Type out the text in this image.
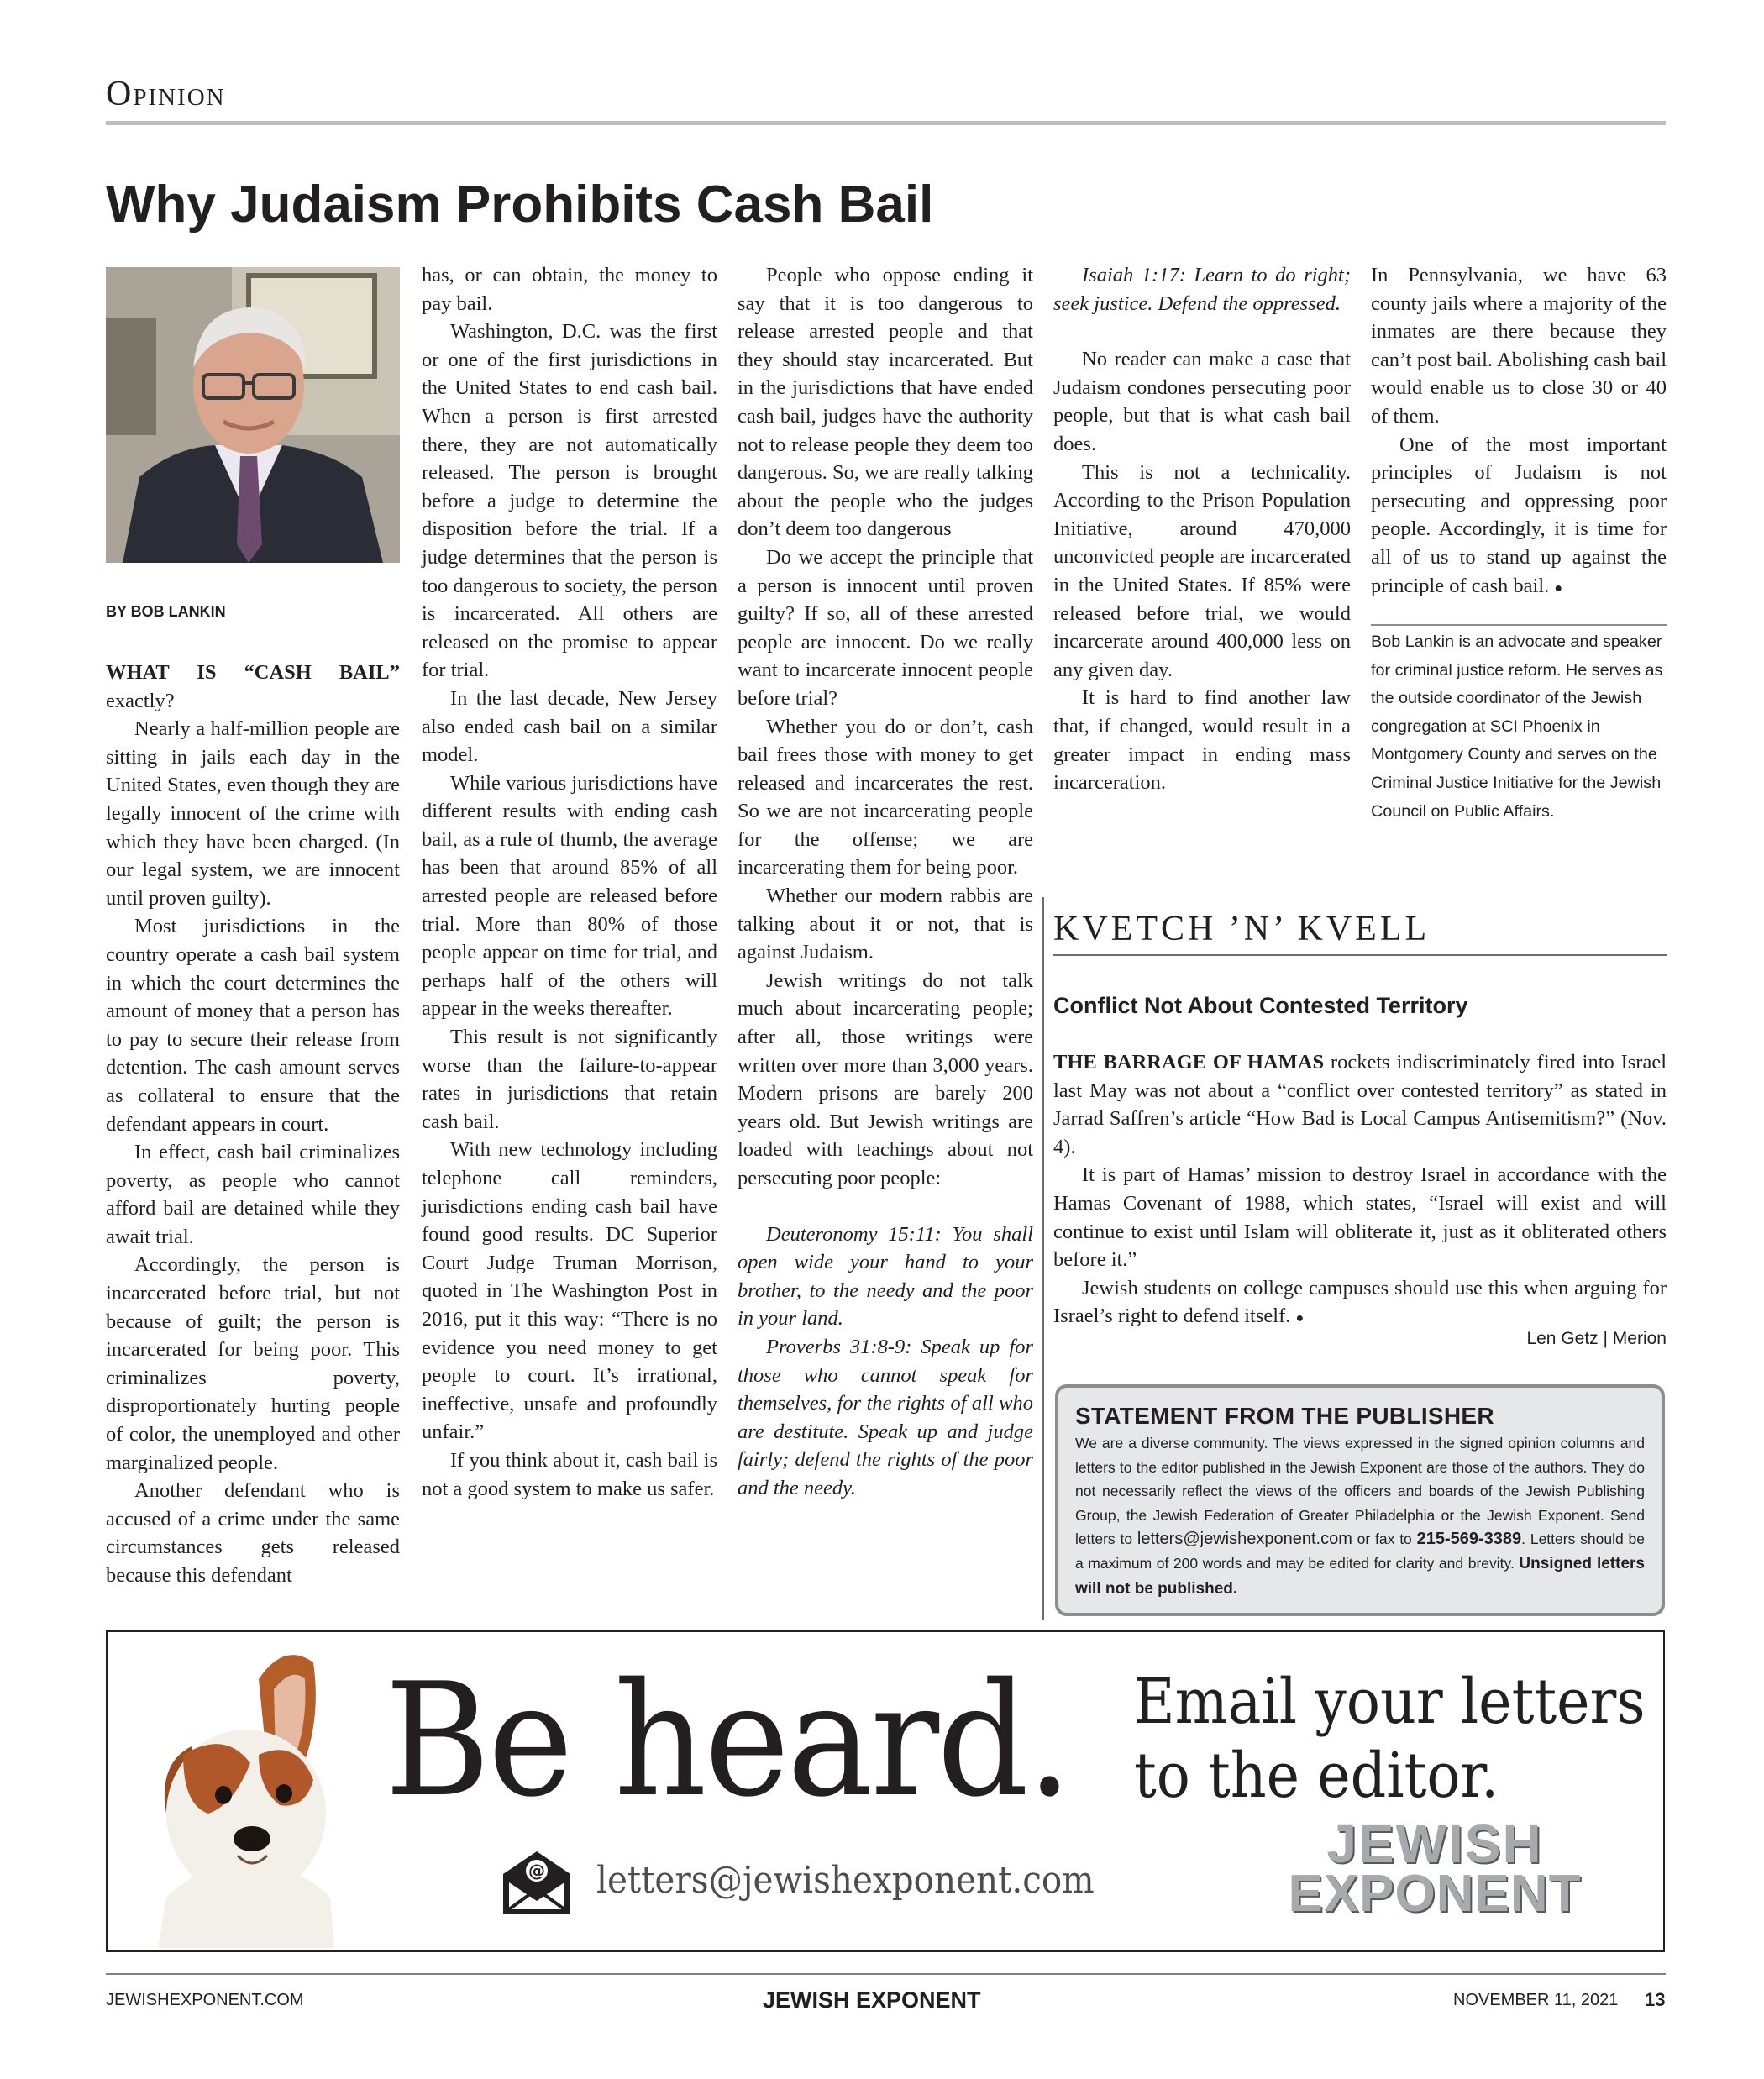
Opinion
Why Judaism Prohibits Cash Bail
BY BOB LANKIN

WHAT IS “CASH BAIL” exactly?

Nearly a half-million people are sitting in jails each day in the United States, even though they are legally innocent of the crime with which they have been charged. (In our legal system, we are innocent until proven guilty).

Most jurisdictions in the country operate a cash bail system in which the court determines the amount of money that a person has to pay to secure their release from detention. The cash amount serves as collateral to ensure that the defendant appears in court.

In effect, cash bail criminalizes poverty, as people who cannot afford bail are detained while they await trial.

Accordingly, the person is incarcerated before trial, but not because of guilt; the person is incarcerated for being poor. This criminalizes poverty, disproportionately hurting people of color, the unemployed and other marginalized people.

Another defendant who is accused of a crime under the same circumstances gets released because this defendant

has, or can obtain, the money to pay bail.

Washington, D.C. was the first or one of the first jurisdictions in the United States to end cash bail. When a person is first arrested there, they are not automatically released. The person is brought before a judge to determine the disposition before the trial. If a judge determines that the person is too dangerous to society, the person is incarcerated. All others are released on the promise to appear for trial.

In the last decade, New Jersey also ended cash bail on a similar model.

While various jurisdictions have different results with ending cash bail, as a rule of thumb, the average has been that around 85% of all arrested people are released before trial. More than 80% of those people appear on time for trial, and perhaps half of the others will appear in the weeks thereafter.

This result is not significantly worse than the failure-to-appear rates in jurisdictions that retain cash bail.

With new technology including telephone call reminders, jurisdictions ending cash bail have found good results. DC Superior Court Judge Truman Morrison, quoted in The Washington Post in 2016, put it this way: “There is no evidence you need money to get people to court. It’s irrational, ineffective, unsafe and profoundly unfair.”

If you think about it, cash bail is not a good system to make us safer.

People who oppose ending it say that it is too dangerous to release arrested people and that they should stay incarcerated. But in the jurisdictions that have ended cash bail, judges have the authority not to release people they deem too dangerous. So, we are really talking about the people who the judges don’t deem too dangerous

Do we accept the principle that a person is innocent until proven guilty? If so, all of these arrested people are innocent. Do we really want to incarcerate innocent people before trial?

Whether you do or don’t, cash bail frees those with money to get released and incarcerates the rest. So we are not incarcerating people for the offense; we are incarcerating them for being poor.

Whether our modern rabbis are talking about it or not, that is against Judaism.

Jewish writings do not talk much about incarcerating people; after all, those writings were written over more than 3,000 years. Modern prisons are barely 200 years old. But Jewish writings are loaded with teachings about not persecuting poor people:

Deuteronomy 15:11: You shall open wide your hand to your brother, to the needy and the poor in your land.

Proverbs 31:8-9: Speak up for those who cannot speak for themselves, for the rights of all who are destitute. Speak up and judge fairly; defend the rights of the poor and the needy.

Isaiah 1:17: Learn to do right; seek justice. Defend the oppressed.

No reader can make a case that Judaism condones persecuting poor people, but that is what cash bail does.

This is not a technicality. According to the Prison Population Initiative, around 470,000 unconvicted people are incarcerated in the United States. If 85% were released before trial, we would incarcerate around 400,000 less on any given day.

It is hard to find another law that, if changed, would result in a greater impact in ending mass incarceration.

In Pennsylvania, we have 63 county jails where a majority of the inmates are there because they can’t post bail. Abolishing cash bail would enable us to close 30 or 40 of them.

One of the most important principles of Judaism is not persecuting and oppressing poor people. Accordingly, it is time for all of us to stand up against the principle of cash bail. ●

Bob Lankin is an advocate and speaker for criminal justice reform. He serves as the outside coordinator of the Jewish congregation at SCI Phoenix in Montgomery County and serves on the Criminal Justice Initiative for the Jewish Council on Public Affairs.
KVETCH ’N’ KVELL
Conflict Not About Contested Territory

THE BARRAGE OF HAMAS rockets indiscriminately fired into Israel last May was not about a “conflict over contested territory” as stated in Jarrad Saffren’s article “How Bad is Local Campus Antisemitism?” (Nov. 4).

It is part of Hamas’ mission to destroy Israel in accordance with the Hamas Covenant of 1988, which states, “Israel will exist and will continue to exist until Islam will obliterate it, just as it obliterated others before it.”

Jewish students on college campuses should use this when arguing for Israel’s right to defend itself. ●

Len Getz | Merion
STATEMENT FROM THE PUBLISHER
We are a diverse community. The views expressed in the signed opinion columns and letters to the editor published in the Jewish Exponent are those of the authors. They do not necessarily reflect the views of the officers and boards of the Jewish Publishing Group, the Jewish Federation of Greater Philadelphia or the Jewish Exponent. Send letters to letters@jewishexponent.com or fax to 215-569-3389. Letters should be a maximum of 200 words and may be edited for clarity and brevity. Unsigned letters will not be published.
Be heard. Email your letters
to the editor.
@ letters@jewishexponent.com
JEWISH
EXPONENT
JEWISHEXPONENT.COM	JEWISH EXPONENT	NOVEMBER 11, 2021 13
